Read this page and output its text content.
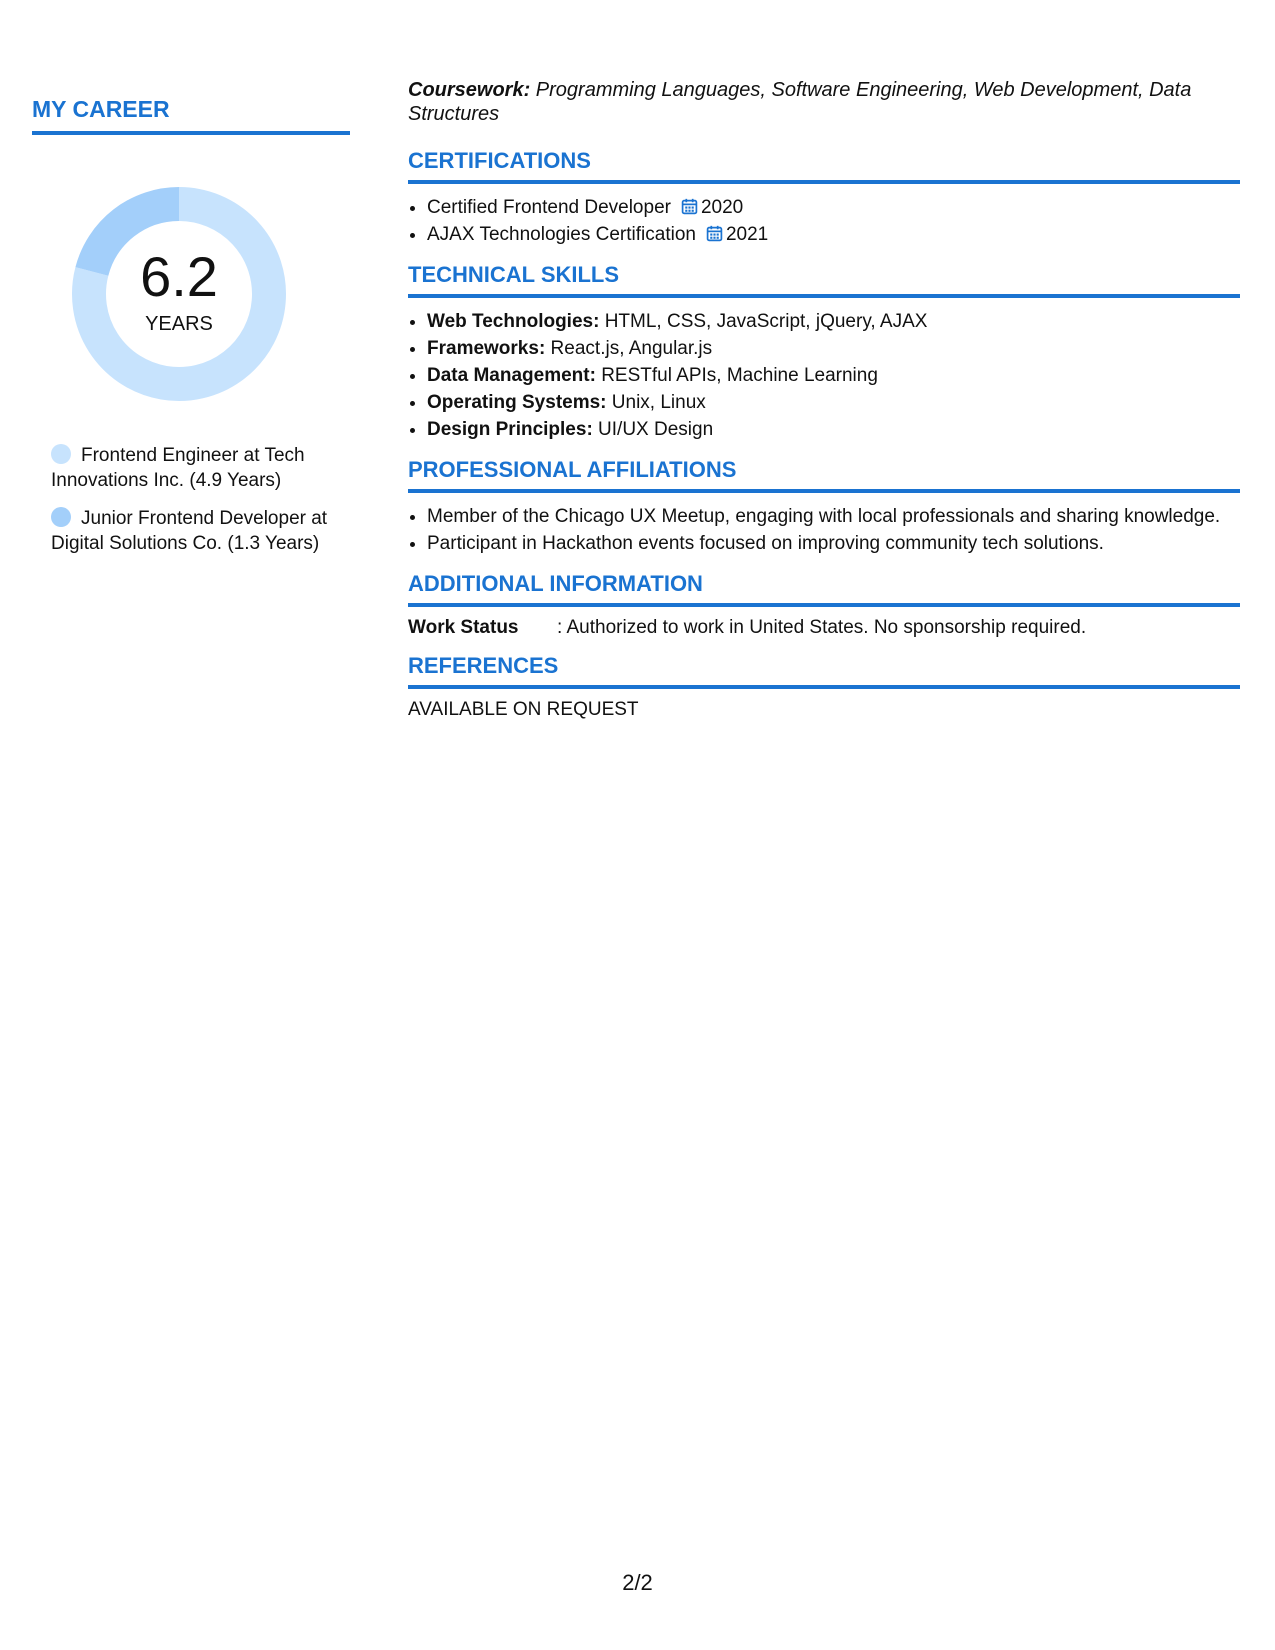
MY CAREER
6.2
YEARS
Frontend Engineer at Tech Innovations Inc. (4.9 Years)
Junior Frontend Developer at Digital Solutions Co. (1.3 Years)
Coursework: Programming Languages, Software Engineering, Web Development, Data Structures
CERTIFICATIONS
• Certified Frontend Developer 2020
• AJAX Technologies Certification 2021
TECHNICAL SKILLS
• Web Technologies: HTML, CSS, JavaScript, jQuery, AJAX
• Frameworks: React.js, Angular.js
• Data Management: RESTful APIs, Machine Learning
• Operating Systems: Unix, Linux
• Design Principles: UI/UX Design
PROFESSIONAL AFFILIATIONS
• Member of the Chicago UX Meetup, engaging with local professionals and sharing knowledge.
• Participant in Hackathon events focused on improving community tech solutions.
ADDITIONAL INFORMATION
Work Status : Authorized to work in United States. No sponsorship required.
REFERENCES
AVAILABLE ON REQUEST
2/2
